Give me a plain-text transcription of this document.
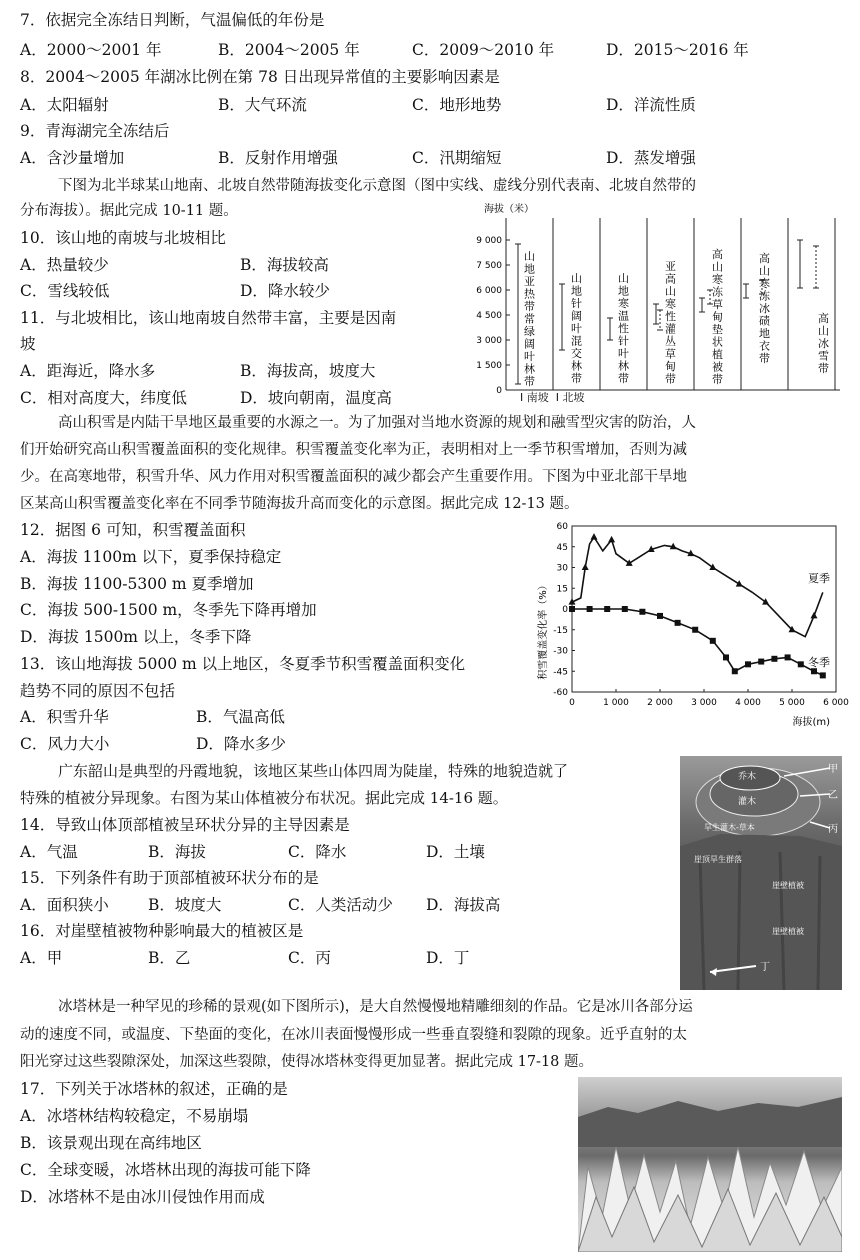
7．依据完全冻结日判断，气温偏低的年份是
A．2000～2001 年	B．2004～2005 年	C．2009～2010 年	D．2015～2016 年
8．2004～2005 年湖冰比例在第 78 日出现异常值的主要影响因素是
A．太阳辐射	B．大气环流	C．地形地势	D．洋流性质
9．青海湖完全冻结后
A．含沙量增加	B．反射作用增强	C．汛期缩短	D．蒸发增强
下图为北半球某山地南、北坡自然带随海拔变化示意图（图中实线、虚线分别代表南、北坡自然带的
分布海拔）。据此完成 10-11 题。
10．该山地的南坡与北坡相比
A．热量较少	B．海拔较高
C．雪线较低	D．降水较少
11．与北坡相比，该山地南坡自然带丰富，主要是因南
坡
A．距海近，降水多	B．海拔高，坡度大
C．相对高度大，纬度低	D．坡向朝南，温度高
海拔（米）
9 000
7 500
6 000
4 500
3 000
1 500
0
山地亚热带常绿阔叶林带
山地针阔叶混交林带
山地寒温性针叶林带
亚高山寒性灌丛草甸带
高山寒冻草甸垫状植被带
高山寒冻冰碛地衣带
高山冰雪带
Ι 南坡 Ι 北坡
高山积雪是内陆干旱地区最重要的水源之一。为了加强对当地水资源的规划和融雪型灾害的防治，人
们开始研究高山积雪覆盖面积的变化规律。积雪覆盖变化率为正，表明相对上一季节积雪增加，否则为减
少。在高寒地带，积雪升华、风力作用对积雪覆盖面积的减少都会产生重要作用。下图为中亚北部干旱地
区某高山积雪覆盖变化率在不同季节随海拔升高而变化的示意图。据此完成 12-13 题。
12．据图 6 可知，积雪覆盖面积
A．海拔 1100m 以下，夏季保持稳定
B．海拔 1100-5300 m 夏季增加
C．海拔 500-1500 m，冬季先下降再增加
D．海拔 1500m 以上，冬季下降
13．该山地海拔 5000 m 以上地区，冬夏季节积雪覆盖面积变化
趋势不同的原因不包括
A．积雪升华	B．气温高低
C．风力大小	D．降水多少
积雪覆盖变化率（%）
60
45
30
15
0
-15
-30
-45
-60
0	1 000 2 000 3 000 4 000 5 000 6 000
夏季
冬季
海拔(m)
广东韶山是典型的丹霞地貌，该地区某些山体四周为陡崖，特殊的地貌造就了
特殊的植被分异现象。右图为某山体植被分布状况。据此完成 14-16 题。
14．导致山体顶部植被呈环状分异的主导因素是
A．气温	B．海拔	C．降水	D．土壤
15．下列条件有助于顶部植被环状分布的是
A．面积狭小	B．坡度大	C．人类活动少 D．海拔高
16．对崖壁植被物种影响最大的植被区是
A．甲	B．乙	C．丙	D．丁
乔木
灌木
旱生灌木-草本
崖顶旱生群落
崖壁植被
崖壁植被
甲
乙
丙
丁
冰塔林是一种罕见的珍稀的景观(如下图所示)，是大自然慢慢地精雕细刻的作品。它是冰川各部分运
动的速度不同，或温度、下垫面的变化，在冰川表面慢慢形成一些垂直裂缝和裂隙的现象。近乎直射的太
阳光穿过这些裂隙深处，加深这些裂隙，使得冰塔林变得更加显著。据此完成 17-18 题。
17．下列关于冰塔林的叙述，正确的是
A．冰塔林结构较稳定，不易崩塌
B．该景观出现在高纬地区
C．全球变暖，冰塔林出现的海拔可能下降
D．冰塔林不是由冰川侵蚀作用而成
